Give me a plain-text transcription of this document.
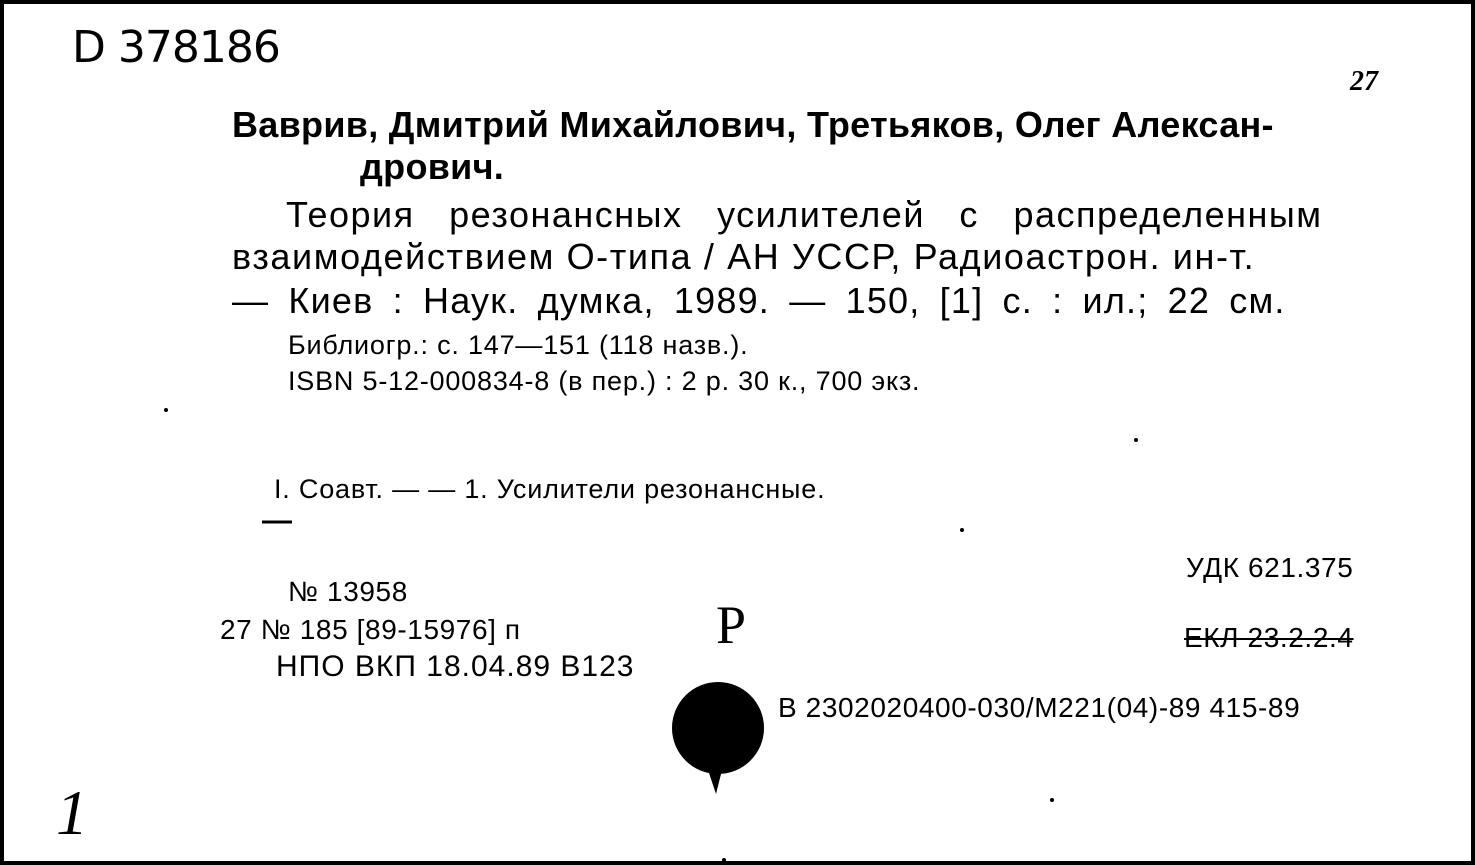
D 378186
27
Ваврив, Дмитрий Михайлович, Третьяков, Олег Алексан-
дрович.
Теория   резонансных   усилителей   с   распределенным
взаимодействием О-типа / АН УССР, Радиоастрон. ин-т.
— Киев : Наук. думка, 1989. — 150, [1] с. : ил.; 22 см.
Библиогр.: с. 147—151 (118 назв.).
ISBN 5-12-000834-8 (в пер.) : 2 р. 30 к., 700 экз.
I. Соавт. — — 1. Усилители резонансные.
—
№ 13958
27 № 185 [89-15976] п
НПО ВКП 18.04.89 В123
УДК 621.375
ЕКЛ 23.2.2.4
В 2302020400-030/М221(04)-89 415-89
Р
1
